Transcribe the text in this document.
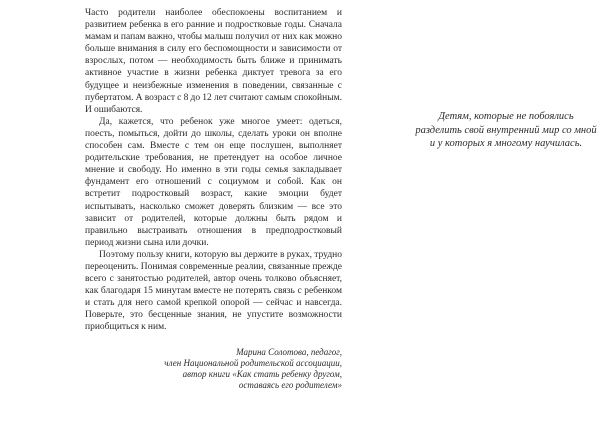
Часто родители наиболее обеспокоены воспитанием и развитием ребенка в его ранние и подростковые годы. Сначала мамам и папам важно, чтобы малыш получил от них как можно больше внимания в силу его беспомощности и зависимости от взрослых, потом — необходимость быть ближе и принимать активное участие в жизни ребенка диктует тревога за его будущее и неизбежные изменения в поведении, связанные с пубертатом. А возраст с 8 до 12 лет считают самым спокойным. И ошибаются.

Да, кажется, что ребенок уже многое умеет: одеться, поесть, помыться, дойти до школы, сделать уроки он вполне способен сам. Вместе с тем он еще послушен, выполняет родительские требования, не претендует на особое личное мнение и свободу. Но именно в эти годы семья закладывает фундамент его отношений с социумом и собой. Как он встретит подростковый возраст, какие эмоции будет испытывать, насколько сможет доверять близким — все это зависит от родителей, которые должны быть рядом и правильно выстраивать отношения в предподростковый период жизни сына или дочки.

Поэтому пользу книги, которую вы держите в руках, трудно переоценить. Понимая современные реалии, связанные прежде всего с занятостью родителей, автор очень толково объясняет, как благодаря 15 минутам вместе не потерять связь с ребенком и стать для него самой крепкой опорой — сейчас и навсегда. Поверьте, это бесценные знания, не упустите возможности приобщиться к ним.

Марина Солотова, педагог,
член Национальной родительской ассоциации,
автор книги «Как стать ребенку другом,
оставаясь его родителем»
Детям, которые не побоялись
разделить свой внутренний мир со мной
и у которых я многому научилась.
